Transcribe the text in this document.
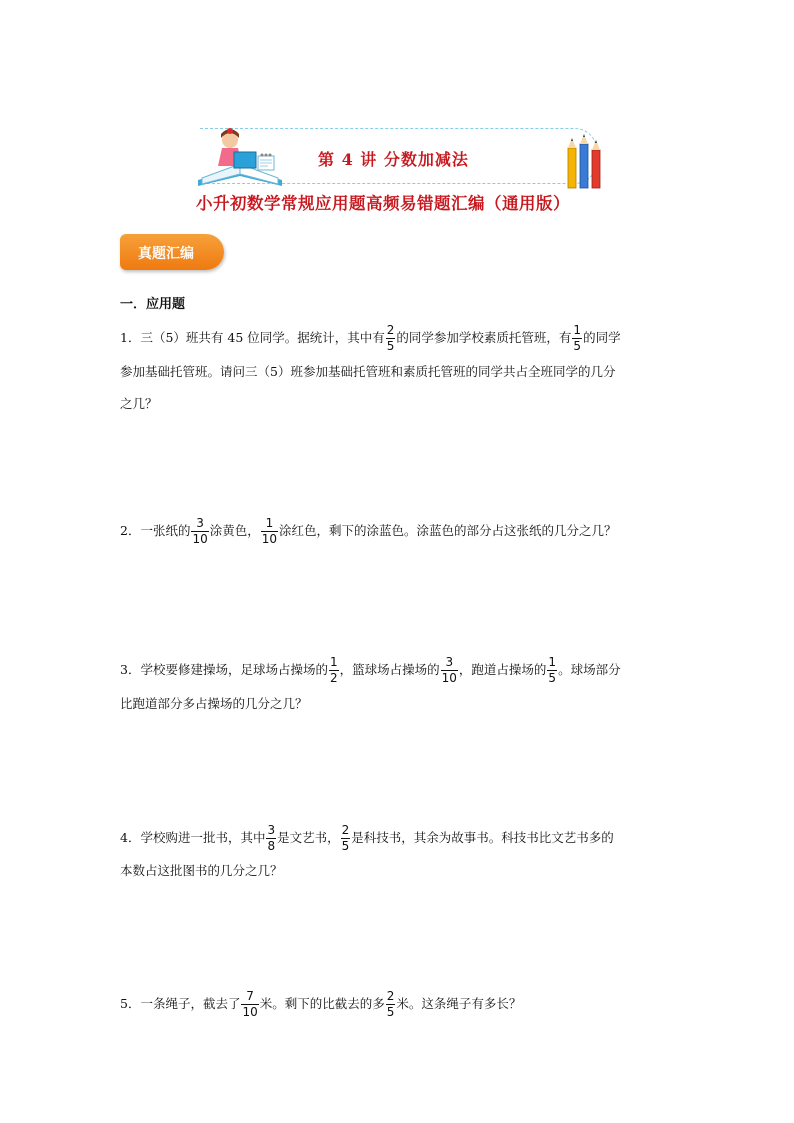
第 4 讲 分数加减法
小升初数学常规应用题高频易错题汇编（通用版）
真题汇编
一．应用题
1．三（5）班共有 45 位同学。据统计，其中有 $\frac{2}{5}$ 的同学参加学校素质托管班，有 $\frac{1}{5}$ 的同学
参加基础托管班。请问三（5）班参加基础托管班和素质托管班的同学共占全班同学的几分
之几？
2．一张纸的 $\frac{3}{10}$ 涂黄色， $\frac{1}{10}$ 涂红色，剩下的涂蓝色。涂蓝色的部分占这张纸的几分之几？
3．学校要修建操场，足球场占操场的 $\frac{1}{2}$ ，篮球场占操场的 $\frac{3}{10}$ ，跑道占操场的 $\frac{1}{5}$ 。球场部分
比跑道部分多占操场的几分之几？
4．学校购进一批书，其中 $\frac{3}{8}$ 是文艺书， $\frac{2}{5}$ 是科技书，其余为故事书。科技书比文艺书多的
本数占这批图书的几分之几？
5．一条绳子，截去了 $\frac{7}{10}$ 米。剩下的比截去的多 $\frac{2}{5}$ 米。这条绳子有多长？
